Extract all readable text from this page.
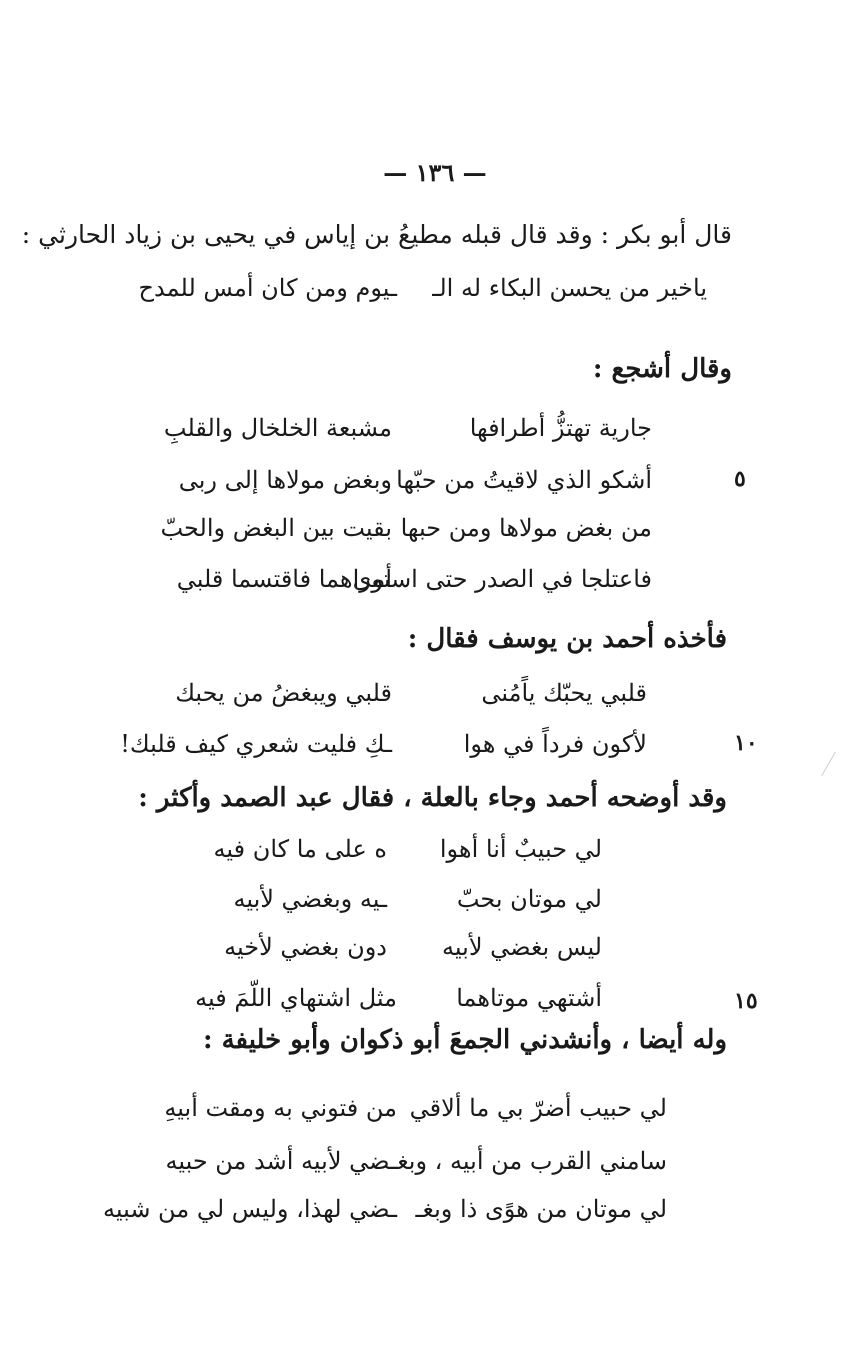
— ١٣٦ —
قال أبو بكر : وقد قال قبله مطيعُ بن إياس في يحيى بن زياد الحارثي :
ياخير من يحسن البكاء له الـ
ـيوم ومن كان أمس للمدح
وقال أشجع :
جارية تهتزُّ أطرافها
مشبعة الخلخال والقلبِ
أشكو الذي لاقيتُ من حبّها
وبغض مولاها إلى ربى	٥
من بغض مولاها ومن حبها
بقيت بين البغض والحبّ
فاعتلجا في الصدر حتى استوى
أمراهما فاقتسما قلبي
فأخذه أحمد بن يوسف فقال :
قلبي يحبّك ياًمُنى
قلبي ويبغضُ من يحبك
لأكون فرداً في هوا
ـكِ فليت شعري كيف قلبك!	١٠
وقد أوضحه أحمد وجاء بالعلة ، فقال عبد الصمد وأكثر :
لي حبيبٌ أنا أهوا
ه على ما كان فيه
لي موتان بحبّ
ـيه وبغضي لأبيه
ليس بغضي لأبيه
دون بغضي لأخيه
أشتهي موتاهما
مثل اشتهاي اللّمَ فيه	١٥
وله أيضا ، وأنشدني الجمعَ أبو ذكوان وأبو خليفة :
لي حبيب أضرّ بي ما ألاقي
من فتوني به ومقت أبيهِ
سامني القرب من أبيه ، وبغـ
ـضي لأبيه أشد من حبيه
لي موتان من هوًى ذا وبغـ
ـضي لهذا، وليس لي من شبيه
